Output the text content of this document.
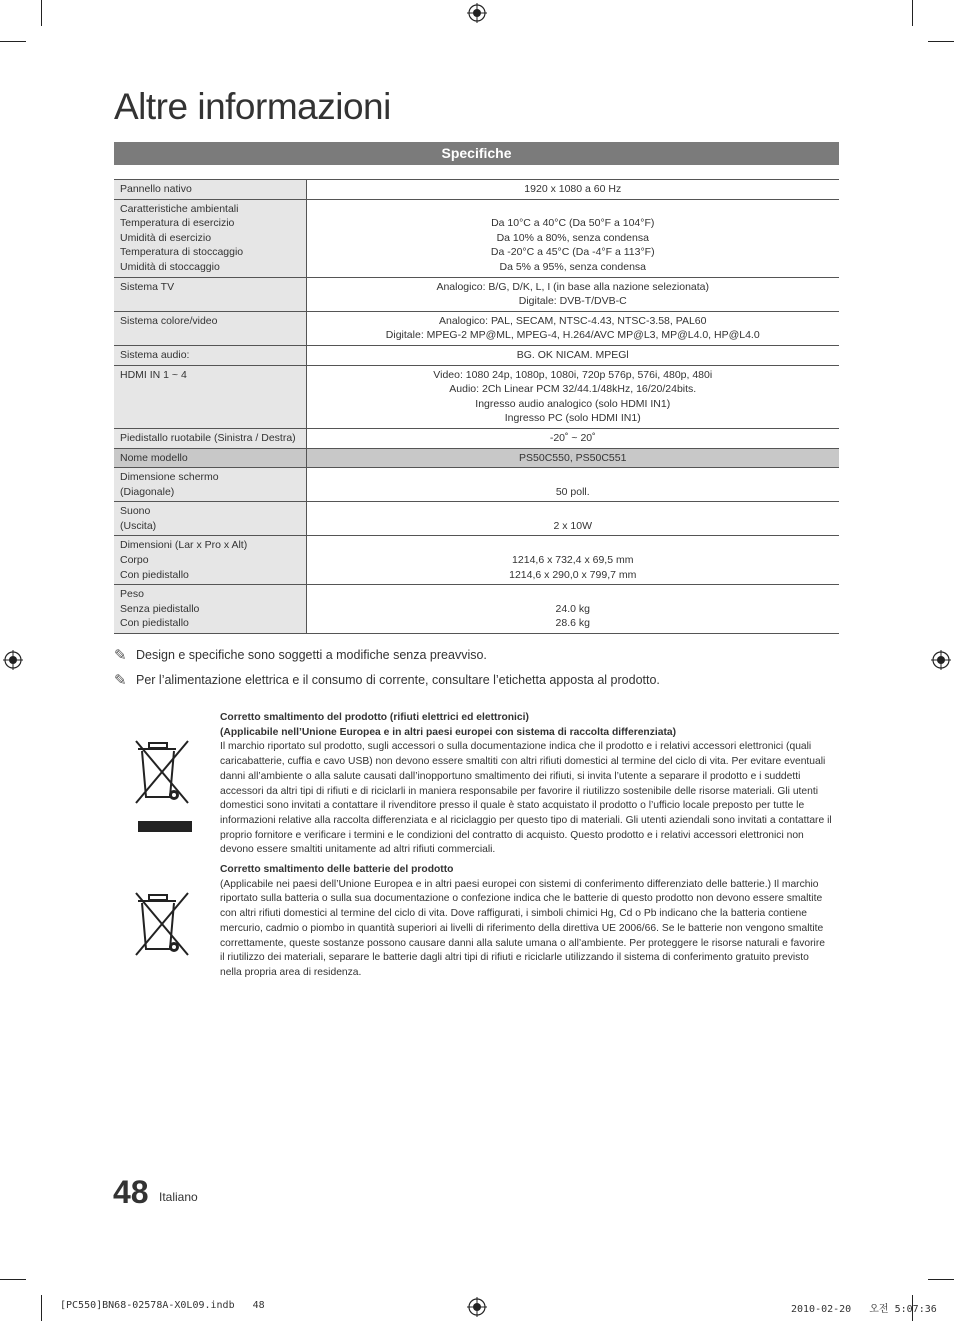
Altre informazioni
Specifiche
Pannello nativo	1920 x 1080 a 60 Hz

Caratteristiche ambientali
Temperatura di esercizio
Umidità di esercizio
Temperatura di stoccaggio
Umidità di stoccaggio	Da 10°C a 40°C (Da 50°F a 104°F)
Da 10% a 80%, senza condensa
Da -20°C a 45°C (Da -4°F a 113°F)
Da 5% a 95%, senza condensa

Sistema TV	Analogico: B/G, D/K, L, I (in base alla nazione selezionata)
Digitale: DVB-T/DVB-C

Sistema colore/video	Analogico: PAL, SECAM, NTSC-4.43, NTSC-3.58, PAL60
Digitale: MPEG-2 MP@ML, MPEG-4, H.264/AVC MP@L3, MP@L4.0, HP@L4.0

Sistema audio:	BG. OK NICAM. MPEGl

HDMI IN 1 ~ 4	Video: 1080 24p, 1080p, 1080i, 720p 576p, 576i, 480p, 480i
Audio: 2Ch Linear PCM 32/44.1/48kHz, 16/20/24bits.
Ingresso audio analogico (solo HDMI IN1)
Ingresso PC (solo HDMI IN1)

Piedistallo ruotabile (Sinistra / Destra)	-20˚ ~ 20˚

Nome modello	PS50C550, PS50C551

Dimensione schermo
(Diagonale)	50 poll.

Suono
(Uscita)	2 x 10W

Dimensioni (Lar x Pro x Alt)
Corpo
Con piedistallo	1214,6 x 732,4 x 69,5 mm
1214,6 x 290,0 x 799,7 mm

Peso
Senza piedistallo
Con piedistallo	24.0 kg
28.6 kg
✎ Design e specifiche sono soggetti a modifiche senza preavviso.
✎ Per l’alimentazione elettrica e il consumo di corrente, consultare l’etichetta apposta al prodotto.
Corretto smaltimento del prodotto (rifiuti elettrici ed elettronici)
(Applicabile nell’Unione Europea e in altri paesi europei con sistema di raccolta differenziata)
Il marchio riportato sul prodotto, sugli accessori o sulla documentazione indica che il prodotto e i relativi accessori elettronici (quali caricabatterie, cuffia e cavo USB) non devono essere smaltiti con altri rifiuti domestici al termine del ciclo di vita. Per evitare eventuali danni all’ambiente o alla salute causati dall’inopportuno smaltimento dei rifiuti, si invita l’utente a separare il prodotto e i suddetti accessori da altri tipi di rifiuti e di riciclarli in maniera responsabile per favorire il riutilizzo sostenibile delle risorse materiali. Gli utenti domestici sono invitati a contattare il rivenditore presso il quale è stato acquistato il prodotto o l’ufficio locale preposto per tutte le informazioni relative alla raccolta differenziata e al riciclaggio per questo tipo di materiali. Gli utenti aziendali sono invitati a contattare il proprio fornitore e verificare i termini e le condizioni del contratto di acquisto. Questo prodotto e i relativi accessori elettronici non devono essere smaltiti unitamente ad altri rifiuti commerciali.
Corretto smaltimento delle batterie del prodotto
(Applicabile nei paesi dell’Unione Europea e in altri paesi europei con sistemi di conferimento differenziato delle batterie.) Il marchio riportato sulla batteria o sulla sua documentazione o confezione indica che le batterie di questo prodotto non devono essere smaltite con altri rifiuti domestici al termine del ciclo di vita. Dove raffigurati, i simboli chimici Hg, Cd o Pb indicano che la batteria contiene mercurio, cadmio o piombo in quantità superiori ai livelli di riferimento della direttiva UE 2006/66. Se le batterie non vengono smaltite correttamente, queste sostanze possono causare danni alla salute umana o all’ambiente. Per proteggere le risorse naturali e favorire il riutilizzo dei materiali, separare le batterie dagli altri tipi di rifiuti e riciclarle utilizzando il sistema di conferimento gratuito previsto nella propria area di residenza.
48 Italiano
[PC550]BN68-02578A-X0L09.indb   48	2010-02-20   오전 5:07:36
